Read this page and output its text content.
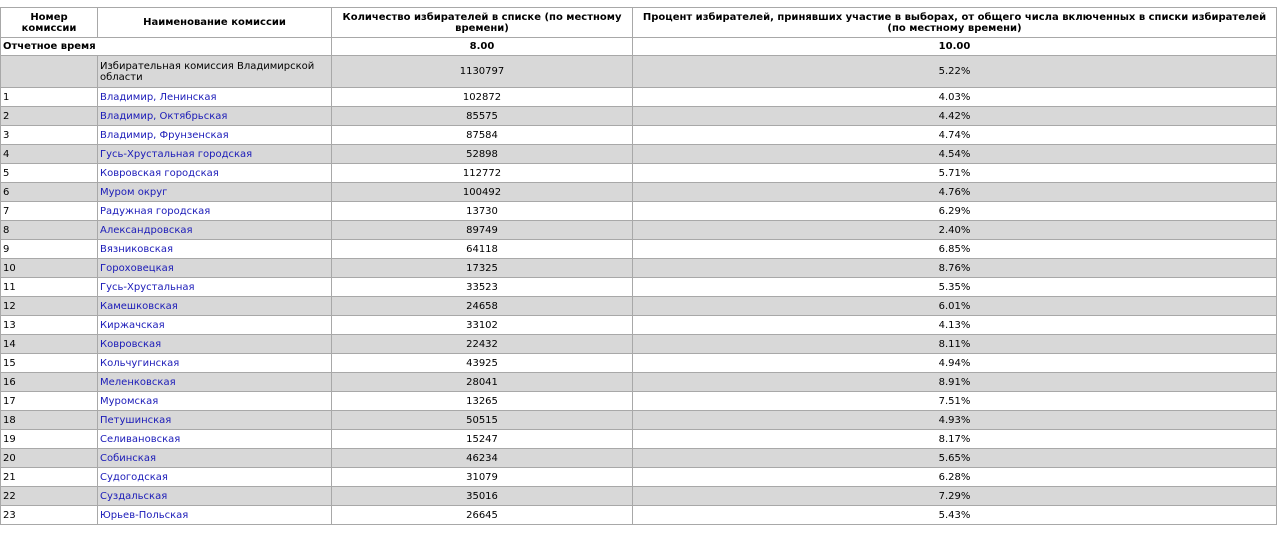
Номер комиссии	Наименование комиссии	Количество избирателей в списке (по местному времени)	Процент избирателей, принявших участие в выборах, от общего числа включенных в списки избирателей (по местному времени)
Отчетное время		8.00	10.00
	Избирательная комиссия Владимирской области	1130797	5.22%
1	Владимир, Ленинская	102872	4.03%
2	Владимир, Октябрьская	85575	4.42%
3	Владимир, Фрунзенская	87584	4.74%
4	Гусь-Хрустальная городская	52898	4.54%
5	Ковровская городская	112772	5.71%
6	Муром округ	100492	4.76%
7	Радужная городская	13730	6.29%
8	Александровская	89749	2.40%
9	Вязниковская	64118	6.85%
10	Гороховецкая	17325	8.76%
11	Гусь-Хрустальная	33523	5.35%
12	Камешковская	24658	6.01%
13	Киржачская	33102	4.13%
14	Ковровская	22432	8.11%
15	Кольчугинская	43925	4.94%
16	Меленковская	28041	8.91%
17	Муромская	13265	7.51%
18	Петушинская	50515	4.93%
19	Селивановская	15247	8.17%
20	Собинская	46234	5.65%
21	Судогодская	31079	6.28%
22	Суздальская	35016	7.29%
23	Юрьев-Польская	26645	5.43%
